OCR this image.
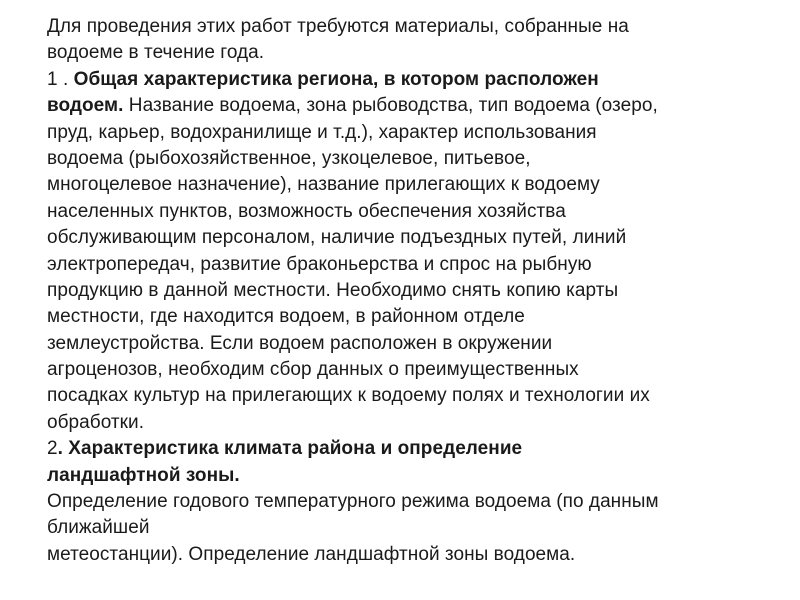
Для проведения этих работ требуются материалы, собранные на
водоеме в течение года.
1 . Общая характеристика региона, в котором расположен
водоем. Название водоема, зона рыбоводства, тип водоема (озеро,
пруд, карьер, водохранилище и т.д.), характер использования
водоема (рыбохозяйственное, узкоцелевое, питьевое,
многоцелевое назначение), название прилегающих к водоему
населенных пунктов, возможность обеспечения хозяйства
обслуживающим персоналом, наличие подъездных путей, линий
электропередач, развитие браконьерства и спрос на рыбную
продукцию в данной местности. Необходимо снять копию карты
местности, где находится водоем, в районном отделе
землеустройства. Если водоем расположен в окружении
агроценозов, необходим сбор данных о преимущественных
посадках культур на прилегающих к водоему полях и технологии их
обработки.
2. Характеристика климата района и определение
ландшафтной зоны.
Определение годового температурного режима водоема (по данным
ближайшей
метеостанции). Определение ландшафтной зоны водоема.
